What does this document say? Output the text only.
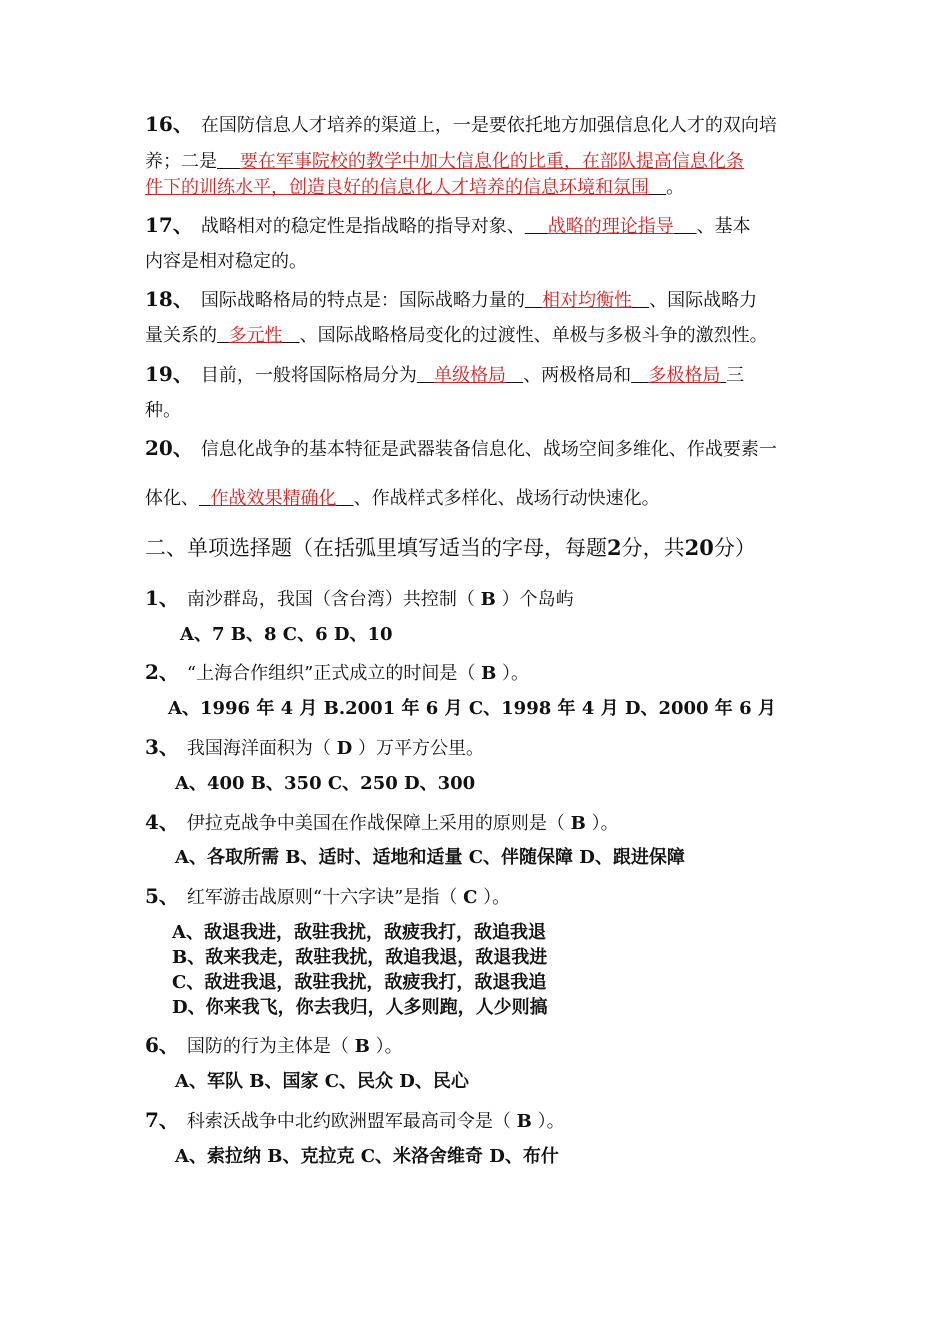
16、 在国防信息人才培养的渠道上，一是要依托地方加强信息化人才的双向培
养；二是 要在军事院校的教学中加大信息化的比重，在部队提高信息化条
件下的训练水平，创造良好的信息化人才培养的信息环境和氛围 。
17、 战略相对的稳定性是指战略的指导对象、 战略的理论指导 、基本
内容是相对稳定的。
18、 国际战略格局的特点是：国际战略力量的 相对均衡性 、国际战略力
量关系的 多元性 、国际战略格局变化的过渡性、单极与多极斗争的激烈性。
19、 目前，一般将国际格局分为 单级格局 、两极格局和 多极格局 三
种。
20、 信息化战争的基本特征是武器装备信息化、战场空间多维化、作战要素一
体化、 作战效果精确化 、作战样式多样化、战场行动快速化。
二、单项选择题（在括弧里填写适当的字母，每题2分，共20分）
1、 南沙群岛，我国（含台湾）共控制（ B ）个岛屿
A、7 B、8 C、6 D、10
2、 “上海合作组织”正式成立的时间是（ B ）。
A、1996 年 4 月 B.2001 年 6 月 C、1998 年 4 月 D、2000 年 6 月
3、 我国海洋面积为（ D ）万平方公里。
A、400 B、350 C、250 D、300
4、 伊拉克战争中美国在作战保障上采用的原则是（ B ）。
A、各取所需 B、适时、适地和适量 C、伴随保障 D、跟进保障
5、 红军游击战原则“十六字诀”是指（ C ）。
A、敌退我进，敌驻我扰，敌疲我打，敌追我退
B、敌来我走，敌驻我扰，敌追我退，敌退我进
C、敌进我退，敌驻我扰，敌疲我打，敌退我追
D、你来我飞，你去我归，人多则跑，人少则搞
6、 国防的行为主体是（ B ）。
A、军队 B、国家 C、民众 D、民心
7、 科索沃战争中北约欧洲盟军最高司令是（ B ）。
A、索拉纳 B、克拉克 C、米洛舍维奇 D、布什
